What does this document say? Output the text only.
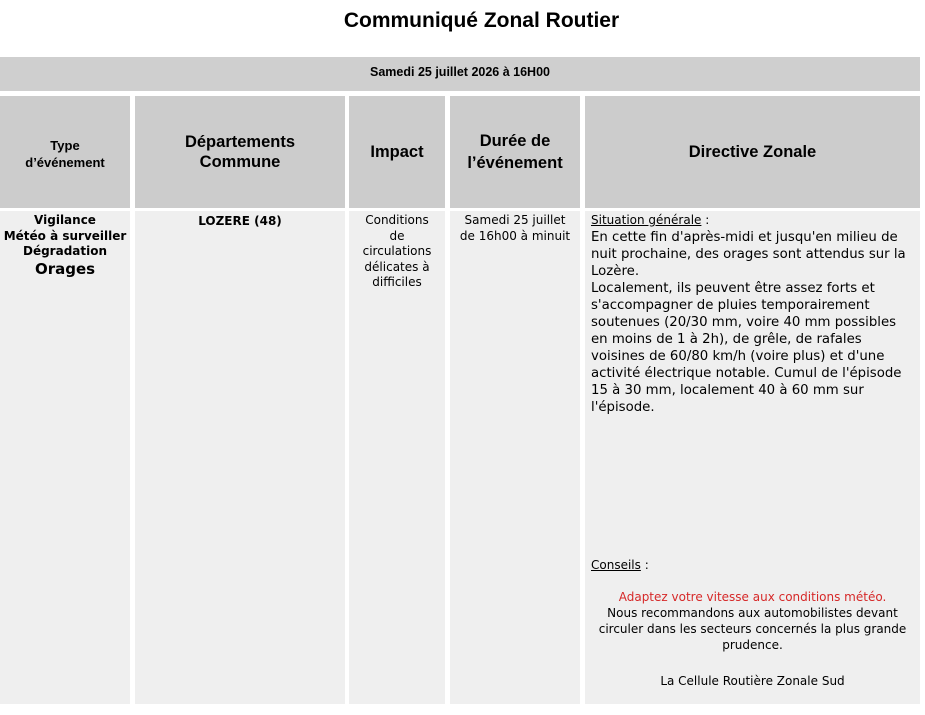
Communiqué Zonal Routier
Samedi 25 juillet 2026 à 16H00
Type
d’événement
Départements
Commune
Impact
Durée de
l’événement
Directive Zonale
Vigilance
Météo à surveiller
Dégradation
Orages
LOZERE (48)	Conditions
de
circulations
délicates à
difficiles
Samedi 25 juillet
de 16h00 à minuit
Situation générale :
En cette fin d'après-midi et jusqu'en milieu de nuit prochaine, des orages sont attendus sur la Lozère.
Localement, ils peuvent être assez forts et s'accompagner de pluies temporairement soutenues (20/30 mm, voire 40 mm possibles en moins de 1 à 2h), de grêle, de rafales voisines de 60/80 km/h (voire plus) et d'une activité électrique notable. Cumul de l'épisode 15 à 30 mm, localement 40 à 60 mm sur l'épisode.
Conseils :
Adaptez votre vitesse aux conditions météo.
Nous recommandons aux automobilistes devant circuler dans les secteurs concernés la plus grande prudence.
La Cellule Routière Zonale Sud
